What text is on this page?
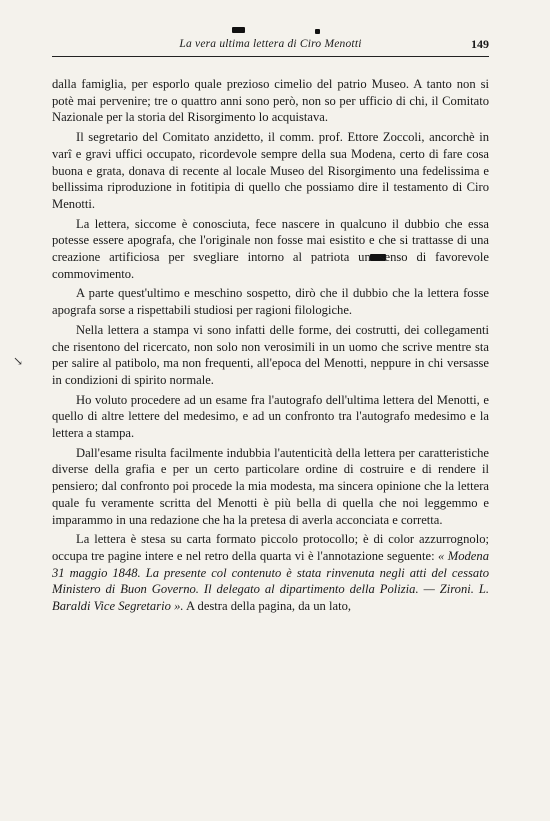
↘
La vera ultima lettera di Ciro Menotti	149

dalla famiglia, per esporlo quale prezioso cimelio del patrio Museo. A tanto non si potè mai pervenire; tre o quattro anni sono però, non so per ufficio di chi, il Comitato Nazionale per la storia del Risorgimento lo acquistava.

Il segretario del Comitato anzidetto, il comm. prof. Ettore Zoccoli, ancorchè in varî e gravi uffici occupato, ricordevole sempre della sua Modena, certo di fare cosa buona e grata, donava di recente al locale Museo del Risorgimento una fedelissima e bellissima riproduzione in fotitipia di quello che possiamo dire il testamento di Ciro Menotti.

La lettera, siccome è conosciuta, fece nascere in qualcuno il dubbio che essa potesse essere apografa, che l'originale non fosse mai esistito e che si trattasse di una creazione artificiosa per svegliare intorno al patriota un senso di favorevole commovimento.

A parte quest'ultimo e meschino sospetto, dirò che il dubbio che la lettera fosse apografa sorse a rispettabili studiosi per ragioni filologiche.

Nella lettera a stampa vi sono infatti delle forme, dei costrutti, dei collegamenti che risentono del ricercato, non solo non verosimili in un uomo che scrive mentre sta per salire al patibolo, ma non frequenti, all'epoca del Menotti, neppure in chi versasse in condizioni di spirito normale.

Ho voluto procedere ad un esame fra l'autografo dell'ultima lettera del Menotti, e quello di altre lettere del medesimo, e ad un confronto tra l'autografo medesimo e la lettera a stampa.

Dall'esame risulta facilmente indubbia l'autenticità della lettera per caratteristiche diverse della grafia e per un certo particolare ordine di costruire e di rendere il pensiero; dal confronto poi procede la mia modesta, ma sincera opinione che la lettera quale fu veramente scritta del Menotti è più bella di quella che noi leggemmo e imparammo in una redazione che ha la pretesa di averla acconciata e corretta.

La lettera è stesa su carta formato piccolo protocollo; è di color azzurrognolo; occupa tre pagine intere e nel retro della quarta vi è l'annotazione seguente: « Modena 31 maggio 1848. La presente col contenuto è stata rinvenuta negli atti del cessato Ministero di Buon Governo. Il delegato al dipartimento della Polizia. — Zironi. L. Baraldi Vice Segretario ». A destra della pagina, da un lato,
